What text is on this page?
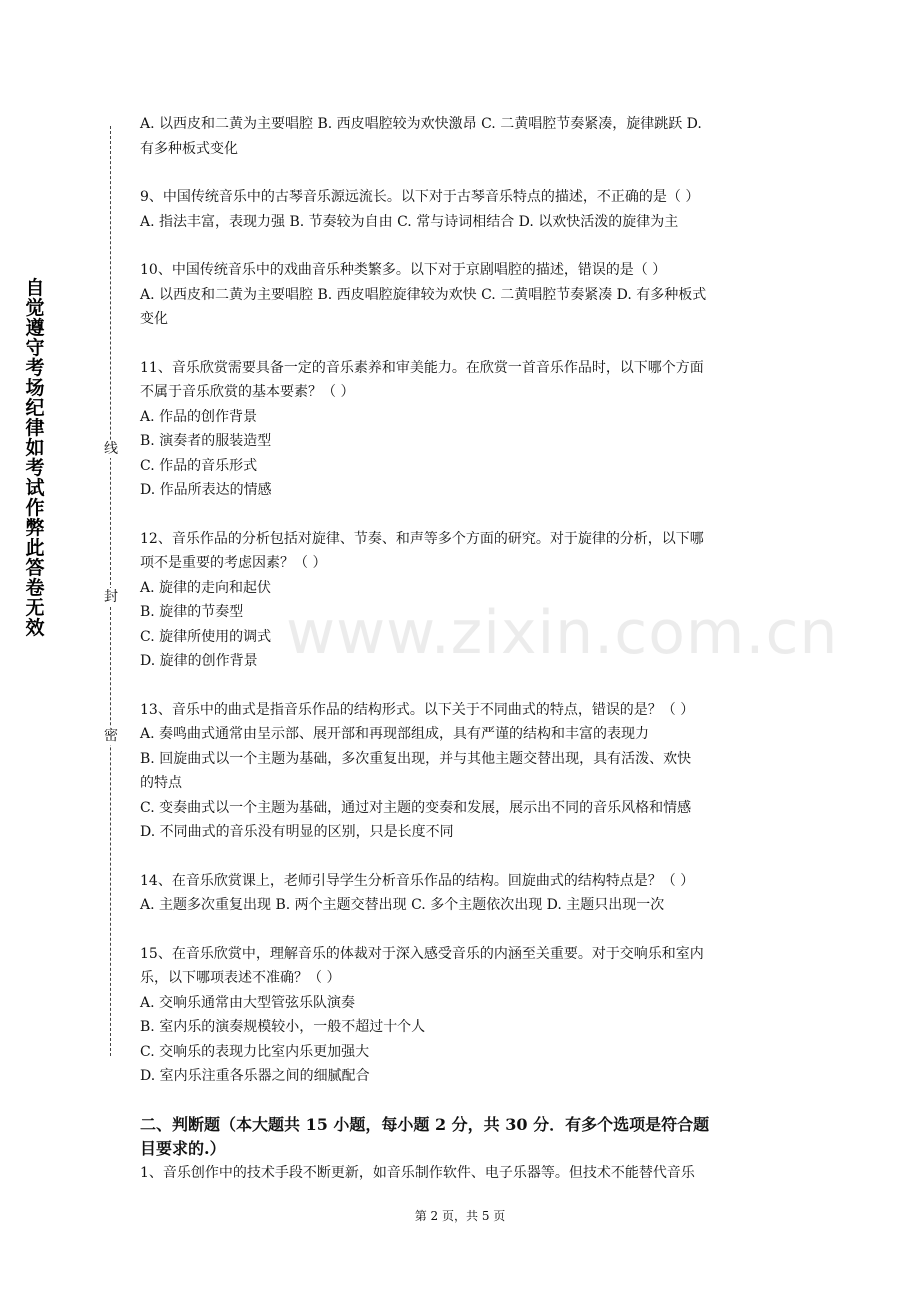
自
觉
遵
守
考
场
纪
律
如
考
试
作
弊
此
答
卷
无
效
线
封
密
www.zixin.com.cn

A. 以西皮和二黄为主要唱腔 B. 西皮唱腔较为欢快激昂 C. 二黄唱腔节奏紧凑，旋律跳跃 D.

有多种板式变化

9、中国传统音乐中的古琴音乐源远流长。以下对于古琴音乐特点的描述，不正确的是（ ）

A. 指法丰富，表现力强 B. 节奏较为自由 C. 常与诗词相结合 D. 以欢快活泼的旋律为主

10、中国传统音乐中的戏曲音乐种类繁多。以下对于京剧唱腔的描述，错误的是（ ）

A. 以西皮和二黄为主要唱腔 B. 西皮唱腔旋律较为欢快 C. 二黄唱腔节奏紧凑 D. 有多种板式

变化

11、音乐欣赏需要具备一定的音乐素养和审美能力。在欣赏一首音乐作品时，以下哪个方面

不属于音乐欣赏的基本要素？（ ）

A. 作品的创作背景

B. 演奏者的服装造型

C. 作品的音乐形式

D. 作品所表达的情感

12、音乐作品的分析包括对旋律、节奏、和声等多个方面的研究。对于旋律的分析，以下哪

项不是重要的考虑因素？（ ）

A. 旋律的走向和起伏

B. 旋律的节奏型

C. 旋律所使用的调式

D. 旋律的创作背景

13、音乐中的曲式是指音乐作品的结构形式。以下关于不同曲式的特点，错误的是？（ ）

A. 奏鸣曲式通常由呈示部、展开部和再现部组成，具有严谨的结构和丰富的表现力

B. 回旋曲式以一个主题为基础，多次重复出现，并与其他主题交替出现，具有活泼、欢快

的特点

C. 变奏曲式以一个主题为基础，通过对主题的变奏和发展，展示出不同的音乐风格和情感

D. 不同曲式的音乐没有明显的区别，只是长度不同

14、在音乐欣赏课上，老师引导学生分析音乐作品的结构。回旋曲式的结构特点是？（ ）

A. 主题多次重复出现 B. 两个主题交替出现 C. 多个主题依次出现 D. 主题只出现一次

15、在音乐欣赏中，理解音乐的体裁对于深入感受音乐的内涵至关重要。对于交响乐和室内

乐，以下哪项表述不准确？（ ）

A. 交响乐通常由大型管弦乐队演奏

B. 室内乐的演奏规模较小，一般不超过十个人

C. 交响乐的表现力比室内乐更加强大

D. 室内乐注重各乐器之间的细腻配合

二、判断题（本大题共 15 小题，每小题 2 分，共 30 分．有多个选项是符合题

目要求的.）

1、音乐创作中的技术手段不断更新，如音乐制作软件、电子乐器等。但技术不能替代音乐

第 2 页，共 5 页
